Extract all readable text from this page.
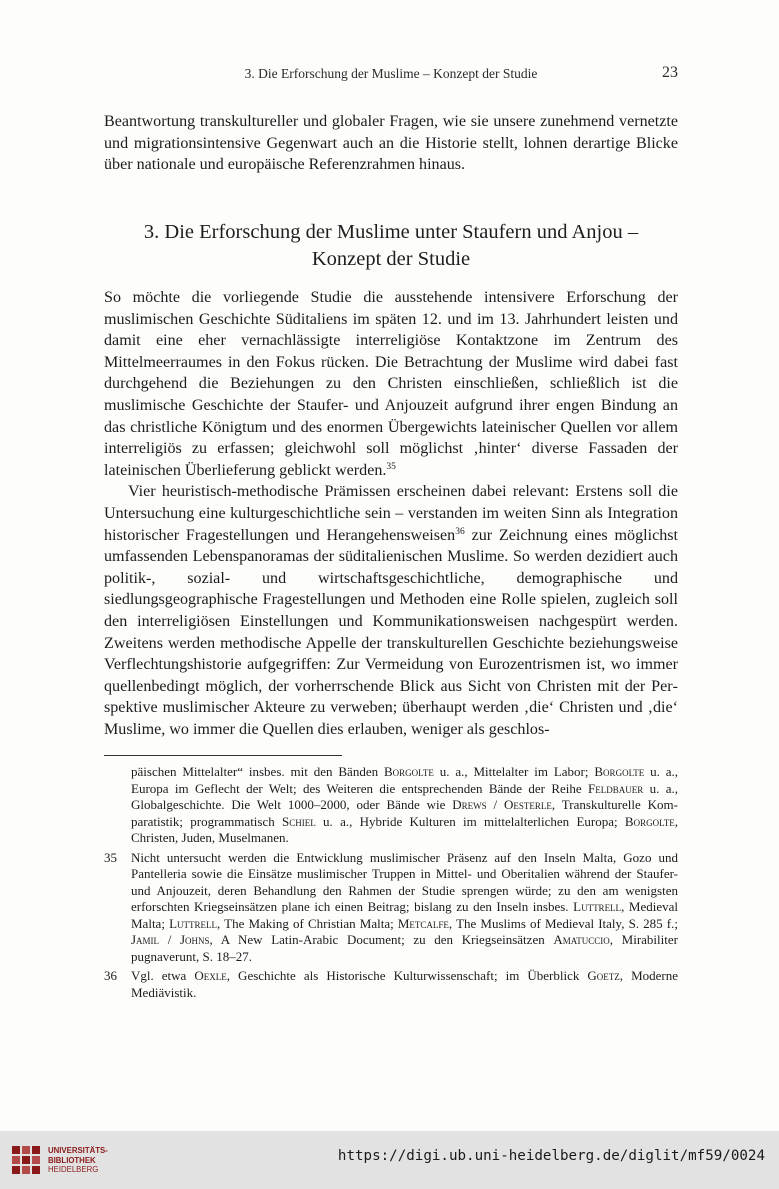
3. Die Erforschung der Muslime – Konzept der Studie	23

Beantwortung transkultureller und globaler Fragen, wie sie unsere zunehmend vernetzte und migrationsintensive Gegenwart auch an die Historie stellt, lohnen derartige Blicke über nationale und europäische Referenzrahmen hinaus.

3. Die Erforschung der Muslime unter Staufern und Anjou –
Konzept der Studie

So möchte die vorliegende Studie die ausstehende intensivere Erforschung der muslimischen Geschichte Süditaliens im späten 12. und im 13. Jahrhundert leisten und damit eine eher vernachlässigte interreligiöse Kontaktzone im Zentrum des Mittelmeerraumes in den Fokus rücken. Die Betrachtung der Muslime wird dabei fast durchgehend die Beziehungen zu den Christen einschließen, schließlich ist die muslimische Geschichte der Staufer- und Anjouzeit aufgrund ihrer engen Bindung an das christliche Königtum und des enormen Übergewichts lateinischer Quellen vor allem interreligiös zu erfassen; gleichwohl soll möglichst ‚hinter‘ diverse Fassaden der lateinischen Überlieferung geblickt werden.$^{35}$

Vier heuristisch-methodische Prämissen erscheinen dabei relevant: Erstens soll die Untersuchung eine kulturgeschichtliche sein – verstanden im weiten Sinn als Integration historischer Fragestellungen und Herangehensweisen$^{36}$ zur Zeichnung eines möglichst umfassenden Lebenspanoramas der süditalienischen Muslime. So werden dezidiert auch politik-, sozial- und wirtschaftsgeschichtliche, demographische und siedlungsgeographische Fragestellungen und Methoden eine Rolle spielen, zugleich soll den interreligiösen Einstellungen und Kommunikationsweisen nachgespürt werden. Zweitens werden methodische Appelle der transkulturellen Geschichte beziehungsweise Verflechtungshistorie aufgegriffen: Zur Vermeidung von Eurozentrismen ist, wo immer quellenbedingt möglich, der vorherrschende Blick aus Sicht von Christen mit der Perspektive muslimischer Akteure zu verweben; überhaupt werden ‚die‘ Christen und ‚die‘ Muslime, wo immer die Quellen dies erlauben, weniger als geschlos-

päischen Mittelalter“ insbes. mit den Bänden Borgolte u. a., Mittelalter im Labor; Borgolte u. a., Europa im Geflecht der Welt; des Weiteren die entsprechenden Bände der Reihe Feldbauer u. a., Globalgeschichte. Die Welt 1000–2000, oder Bände wie Drews / Oesterle, Transkulturelle Komparatistik; programmatisch Schiel u. a., Hybride Kulturen im mittelalterlichen Europa; Borgolte, Christen, Juden, Muselmanen.
35 Nicht untersucht werden die Entwicklung muslimischer Präsenz auf den Inseln Malta, Gozo und Pantelleria sowie die Einsätze muslimischer Truppen in Mittel- und Oberitalien während der Staufer- und Anjouzeit, deren Behandlung den Rahmen der Studie sprengen würde; zu den am wenigsten erforschten Kriegseinsätzen plane ich einen Beitrag; bislang zu den Inseln insbes. Luttrell, Medieval Malta; Luttrell, The Making of Christian Malta; Metcalfe, The Muslims of Medieval Italy, S. 285 f.; Jamil / Johns, A New Latin-Arabic Document; zu den Kriegseinsätzen Amatuccio, Mirabiliter pugnaverunt, S. 18–27.
36 Vgl. etwa Oexle, Geschichte als Historische Kulturwissenschaft; im Überblick Goetz, Moderne Mediävistik.
UNIVERSITÄTS-
BIBLIOTHEK
HEIDELBERG
https://digi.ub.uni-heidelberg.de/diglit/mf59/0024
